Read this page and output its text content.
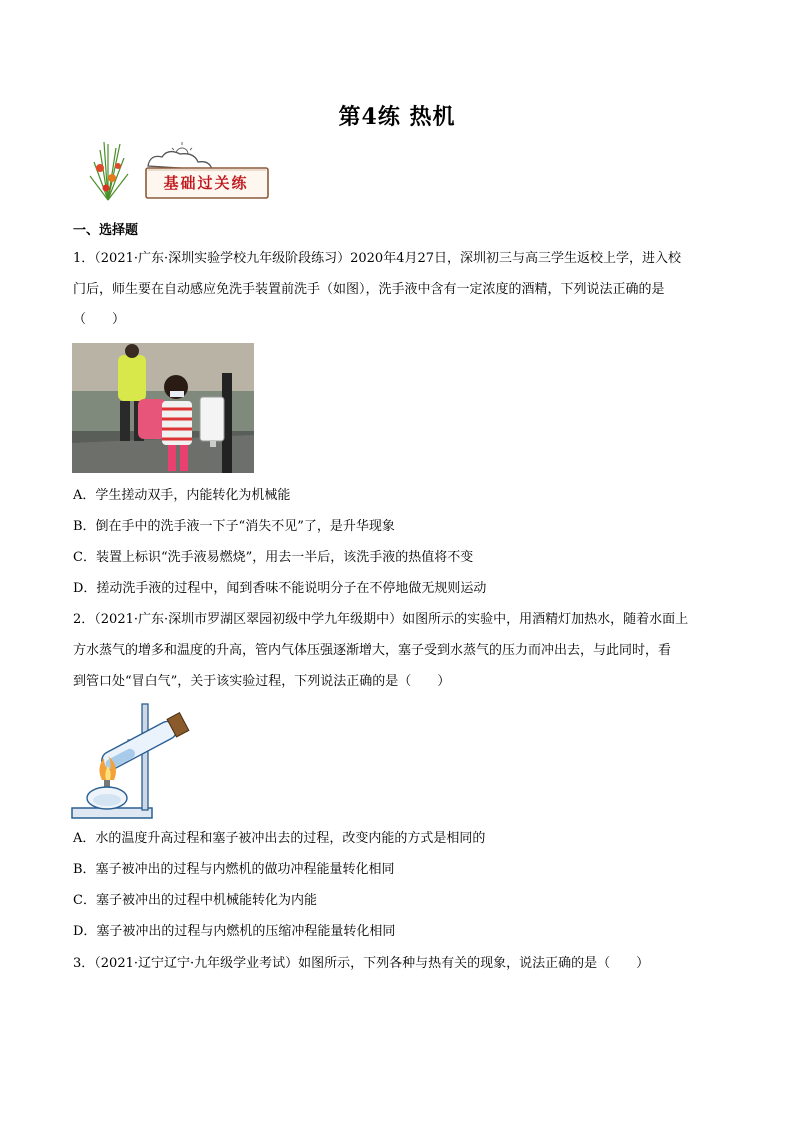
第4练 热机
基础过关练
一、选择题
1．（2021·广东·深圳实验学校九年级阶段练习）2020年4月27日，深圳初三与高三学生返校上学，进入校
门后，师生要在自动感应免洗手装置前洗手（如图），洗手液中含有一定浓度的酒精，下列说法正确的是
（　　）
A．学生搓动双手，内能转化为机械能
B．倒在手中的洗手液一下子“消失不见”了，是升华现象
C．装置上标识“洗手液易燃烧”，用去一半后，该洗手液的热值将不变
D．搓动洗手液的过程中，闻到香味不能说明分子在不停地做无规则运动
2．（2021·广东·深圳市罗湖区翠园初级中学九年级期中）如图所示的实验中，用酒精灯加热水，随着水面上
方水蒸气的增多和温度的升高，管内气体压强逐渐增大，塞子受到水蒸气的压力而冲出去，与此同时，看
到管口处“冒白气”，关于该实验过程，下列说法正确的是（　　）
A．水的温度升高过程和塞子被冲出去的过程，改变内能的方式是相同的
B．塞子被冲出的过程与内燃机的做功冲程能量转化相同
C．塞子被冲出的过程中机械能转化为内能
D．塞子被冲出的过程与内燃机的压缩冲程能量转化相同
3．（2021·辽宁辽宁·九年级学业考试）如图所示，下列各种与热有关的现象，说法正确的是（　　）
